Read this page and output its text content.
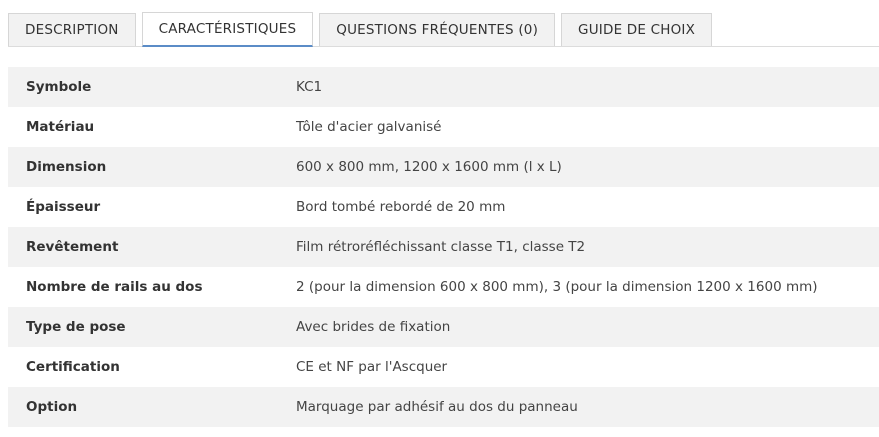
DESCRIPTION	CARACTÉRISTIQUES	QUESTIONS FRÉQUENTES (0)	GUIDE DE CHOIX
Symbole	KC1
Matériau	Tôle d'acier galvanisé
Dimension	600 x 800 mm, 1200 x 1600 mm (l x L)
Épaisseur	Bord tombé rebordé de 20 mm
Revêtement	Film rétroréfléchissant classe T1, classe T2
Nombre de rails au dos	2 (pour la dimension 600 x 800 mm), 3 (pour la dimension 1200 x 1600 mm)
Type de pose	Avec brides de fixation
Certification	CE et NF par l'Ascquer
Option	Marquage par adhésif au dos du panneau
